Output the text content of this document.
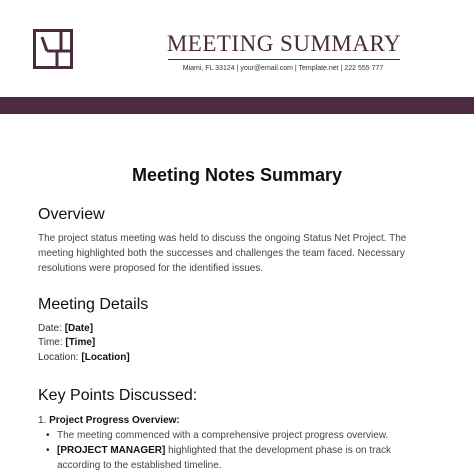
MEETING SUMMARY
Miami, FL 33124 | your@email.com | Template.net | 222 555 777
Meeting Notes Summary
Overview
The project status meeting was held to discuss the ongoing Status Net Project. The
meeting highlighted both the successes and challenges the team faced. Necessary
resolutions were proposed for the identified issues.
Meeting Details
Date: [Date]
Time: [Time]
Location: [Location]
Key Points Discussed:
1. Project Progress Overview:
• The meeting commenced with a comprehensive project progress overview.
• [PROJECT MANAGER] highlighted that the development phase is on track
according to the established timeline.
